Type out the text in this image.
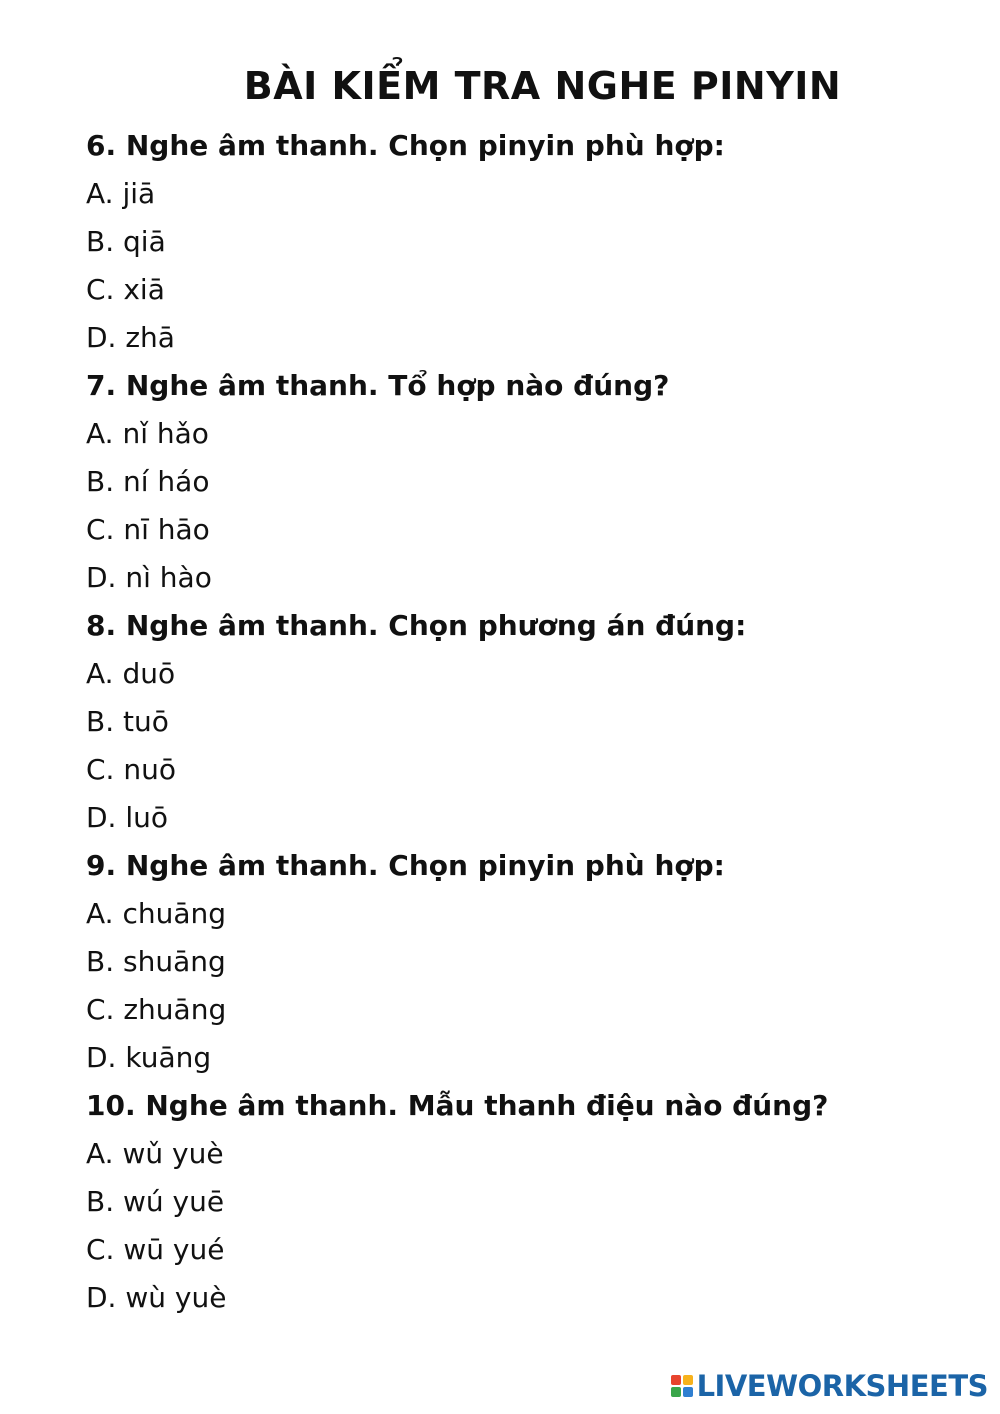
BÀI KIỂM TRA NGHE PINYIN
6. Nghe âm thanh. Chọn pinyin phù hợp:
A. jiā
B. qiā
C. xiā
D. zhā
7. Nghe âm thanh. Tổ hợp nào đúng?
A. nǐ hǎo
B. ní háo
C. nī hāo
D. nì hào
8. Nghe âm thanh. Chọn phương án đúng:
A. duō
B. tuō
C. nuō
D. luō
9. Nghe âm thanh. Chọn pinyin phù hợp:
A. chuāng
B. shuāng
C. zhuāng
D. kuāng
10. Nghe âm thanh. Mẫu thanh điệu nào đúng?
A. wǔ yuè
B. wú yuē
C. wū yué
D. wù yuè
LIVEWORKSHEETS
